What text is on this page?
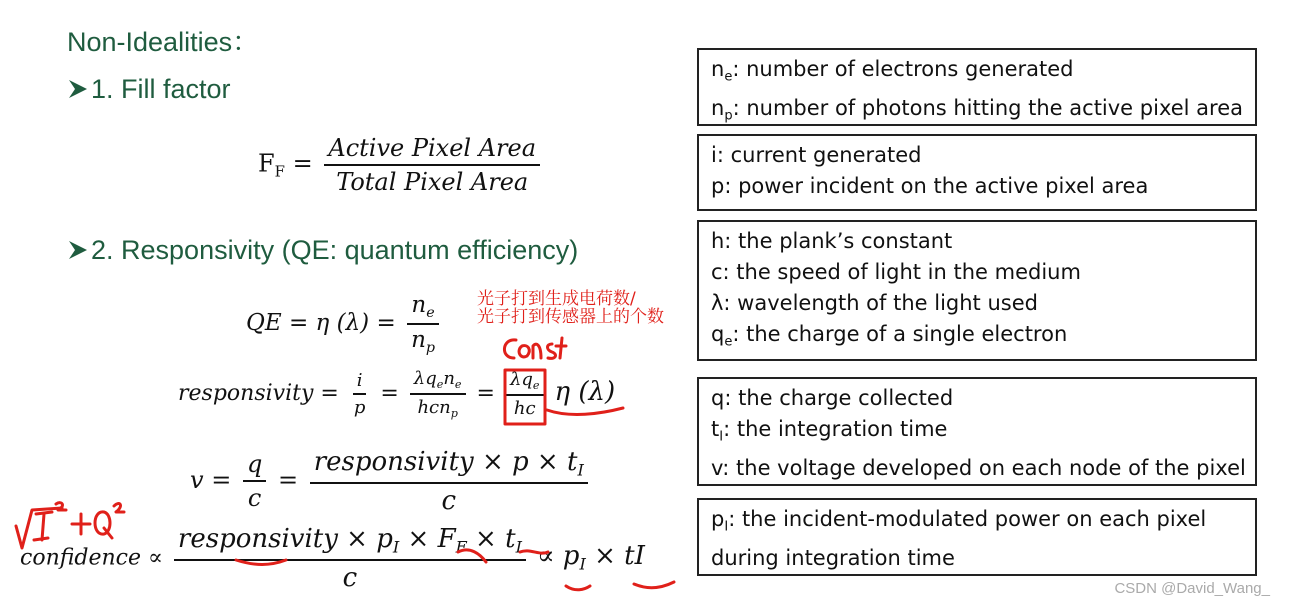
Non-Idealities：
1. Fill factor
2. Responsivity (QE: quantum efficiency)
$F_F = \frac{\text{Active Pixel Area}}{\text{Total Pixel Area}}$
QE = η $(\lambda) = \frac{n_e}{n_p}$ 光子打到生成电荷数/
光子打到传感器上的个数
responsivity = $\frac{i}{p} = \frac{\lambda q_en_e}{hcn_p} = \frac{\lambda q_e}{hc}$ η (λ)
$v = \frac{q}{c} = \frac{responsivity \times p \times t_I}{c}$
confidence ∝ $\frac{responsivity \times p_I \times F_F \times t_I}{c} \propto p_I$ × tI
$n_e$: number of electrons generated
$n_p$: number of photons hitting the active pixel area
i: current generated
p: power incident on the active pixel area
h: the plank’s constant
c: the speed of light in the medium
λ: wavelength of the light used
$q_e$: the charge of a single electron
q: the charge collected
$t_I$: the integration time
v: the voltage developed on each node of the pixel
$p_I$: the incident-modulated power on each pixel
during integration time
CSDN @David_Wang_
